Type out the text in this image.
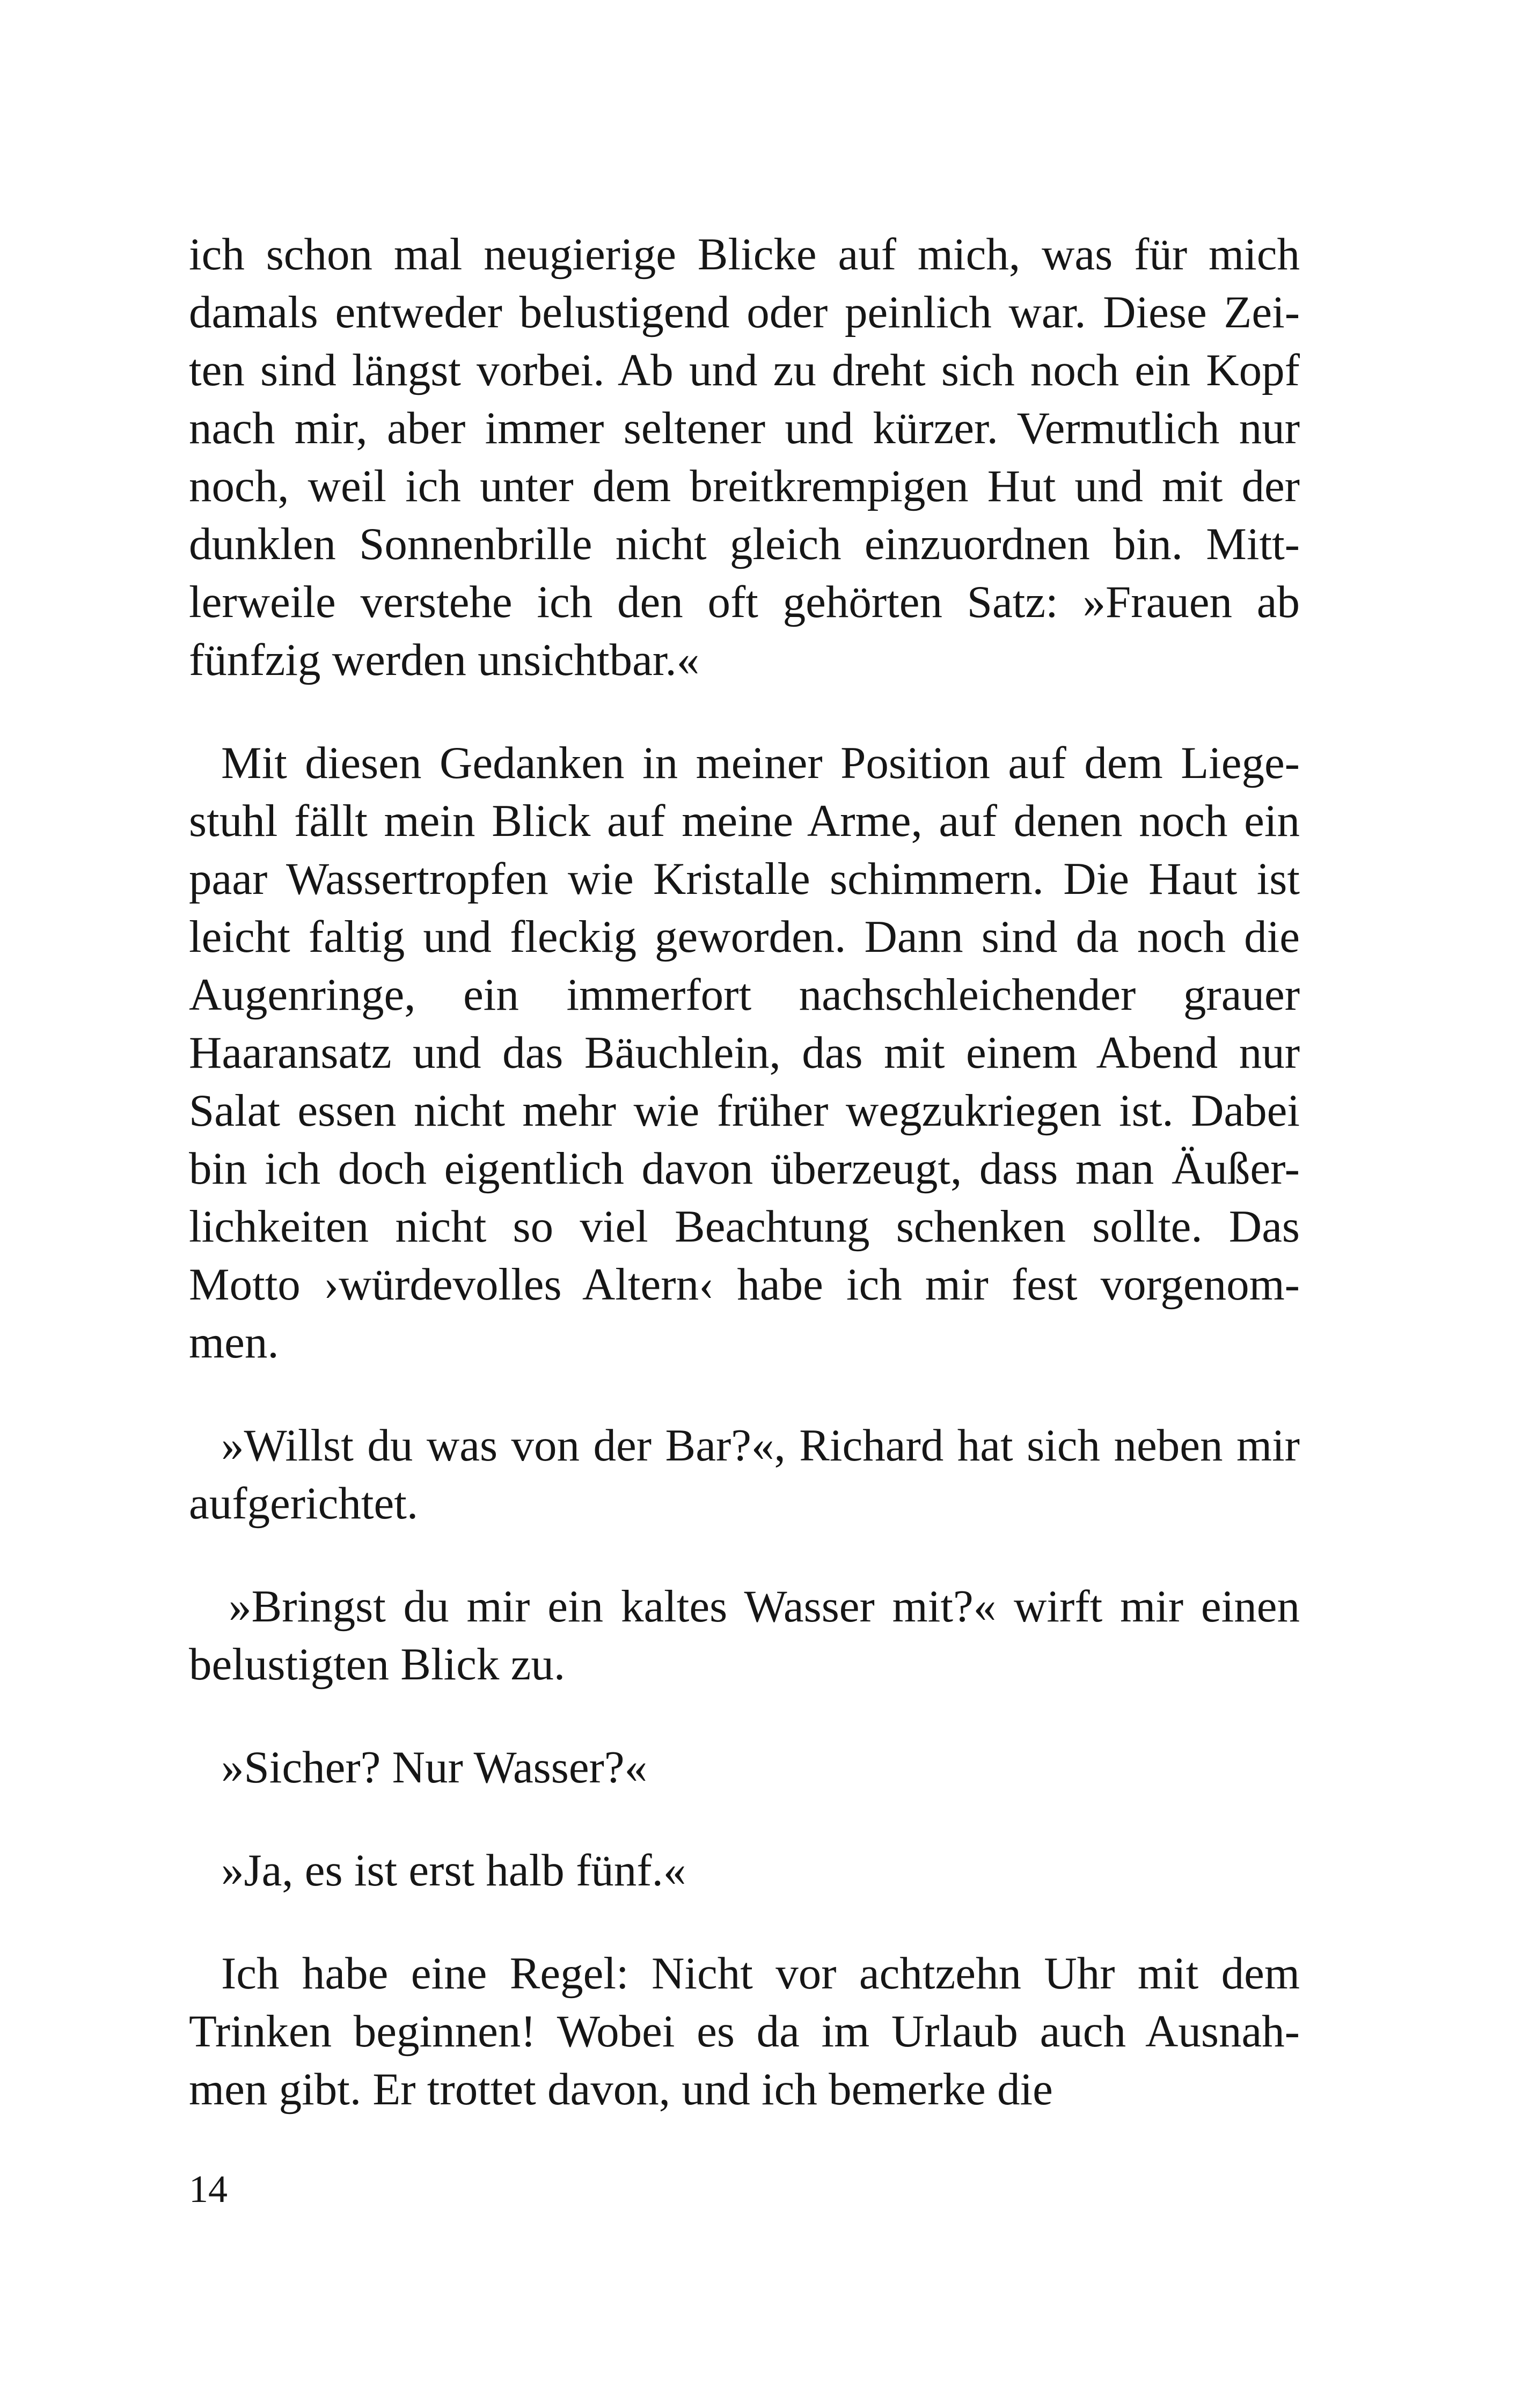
ich schon mal neugierige Blicke auf mich, was für mich
damals entweder belustigend oder peinlich war. Diese Zei-
ten sind längst vorbei. Ab und zu dreht sich noch ein Kopf
nach mir, aber immer seltener und kürzer. Vermutlich nur
noch, weil ich unter dem breitkrempigen Hut und mit der
dunklen Sonnenbrille nicht gleich einzuordnen bin. Mitt-
lerweile verstehe ich den oft gehörten Satz: »Frauen ab
fünfzig werden unsichtbar.«
Mit diesen Gedanken in meiner Position auf dem Liege-
stuhl fällt mein Blick auf meine Arme, auf denen noch ein
paar Wassertropfen wie Kristalle schimmern. Die Haut ist
leicht faltig und fleckig geworden. Dann sind da noch die
Augenringe, ein immerfort nachschleichender grauer
Haaransatz und das Bäuchlein, das mit einem Abend nur
Salat essen nicht mehr wie früher wegzukriegen ist. Dabei
bin ich doch eigentlich davon überzeugt, dass man Äußer-
lichkeiten nicht so viel Beachtung schenken sollte. Das
Motto ›würdevolles Altern‹ habe ich mir fest vorgenom-
men.
»Willst du was von der Bar?«, Richard hat sich neben mir
aufgerichtet.
»Bringst du mir ein kaltes Wasser mit?« wirft mir einen
belustigten Blick zu.
»Sicher? Nur Wasser?«
»Ja, es ist erst halb fünf.«
Ich habe eine Regel: Nicht vor achtzehn Uhr mit dem
Trinken beginnen! Wobei es da im Urlaub auch Ausnah-
men gibt. Er trottet davon, und ich bemerke die
14
